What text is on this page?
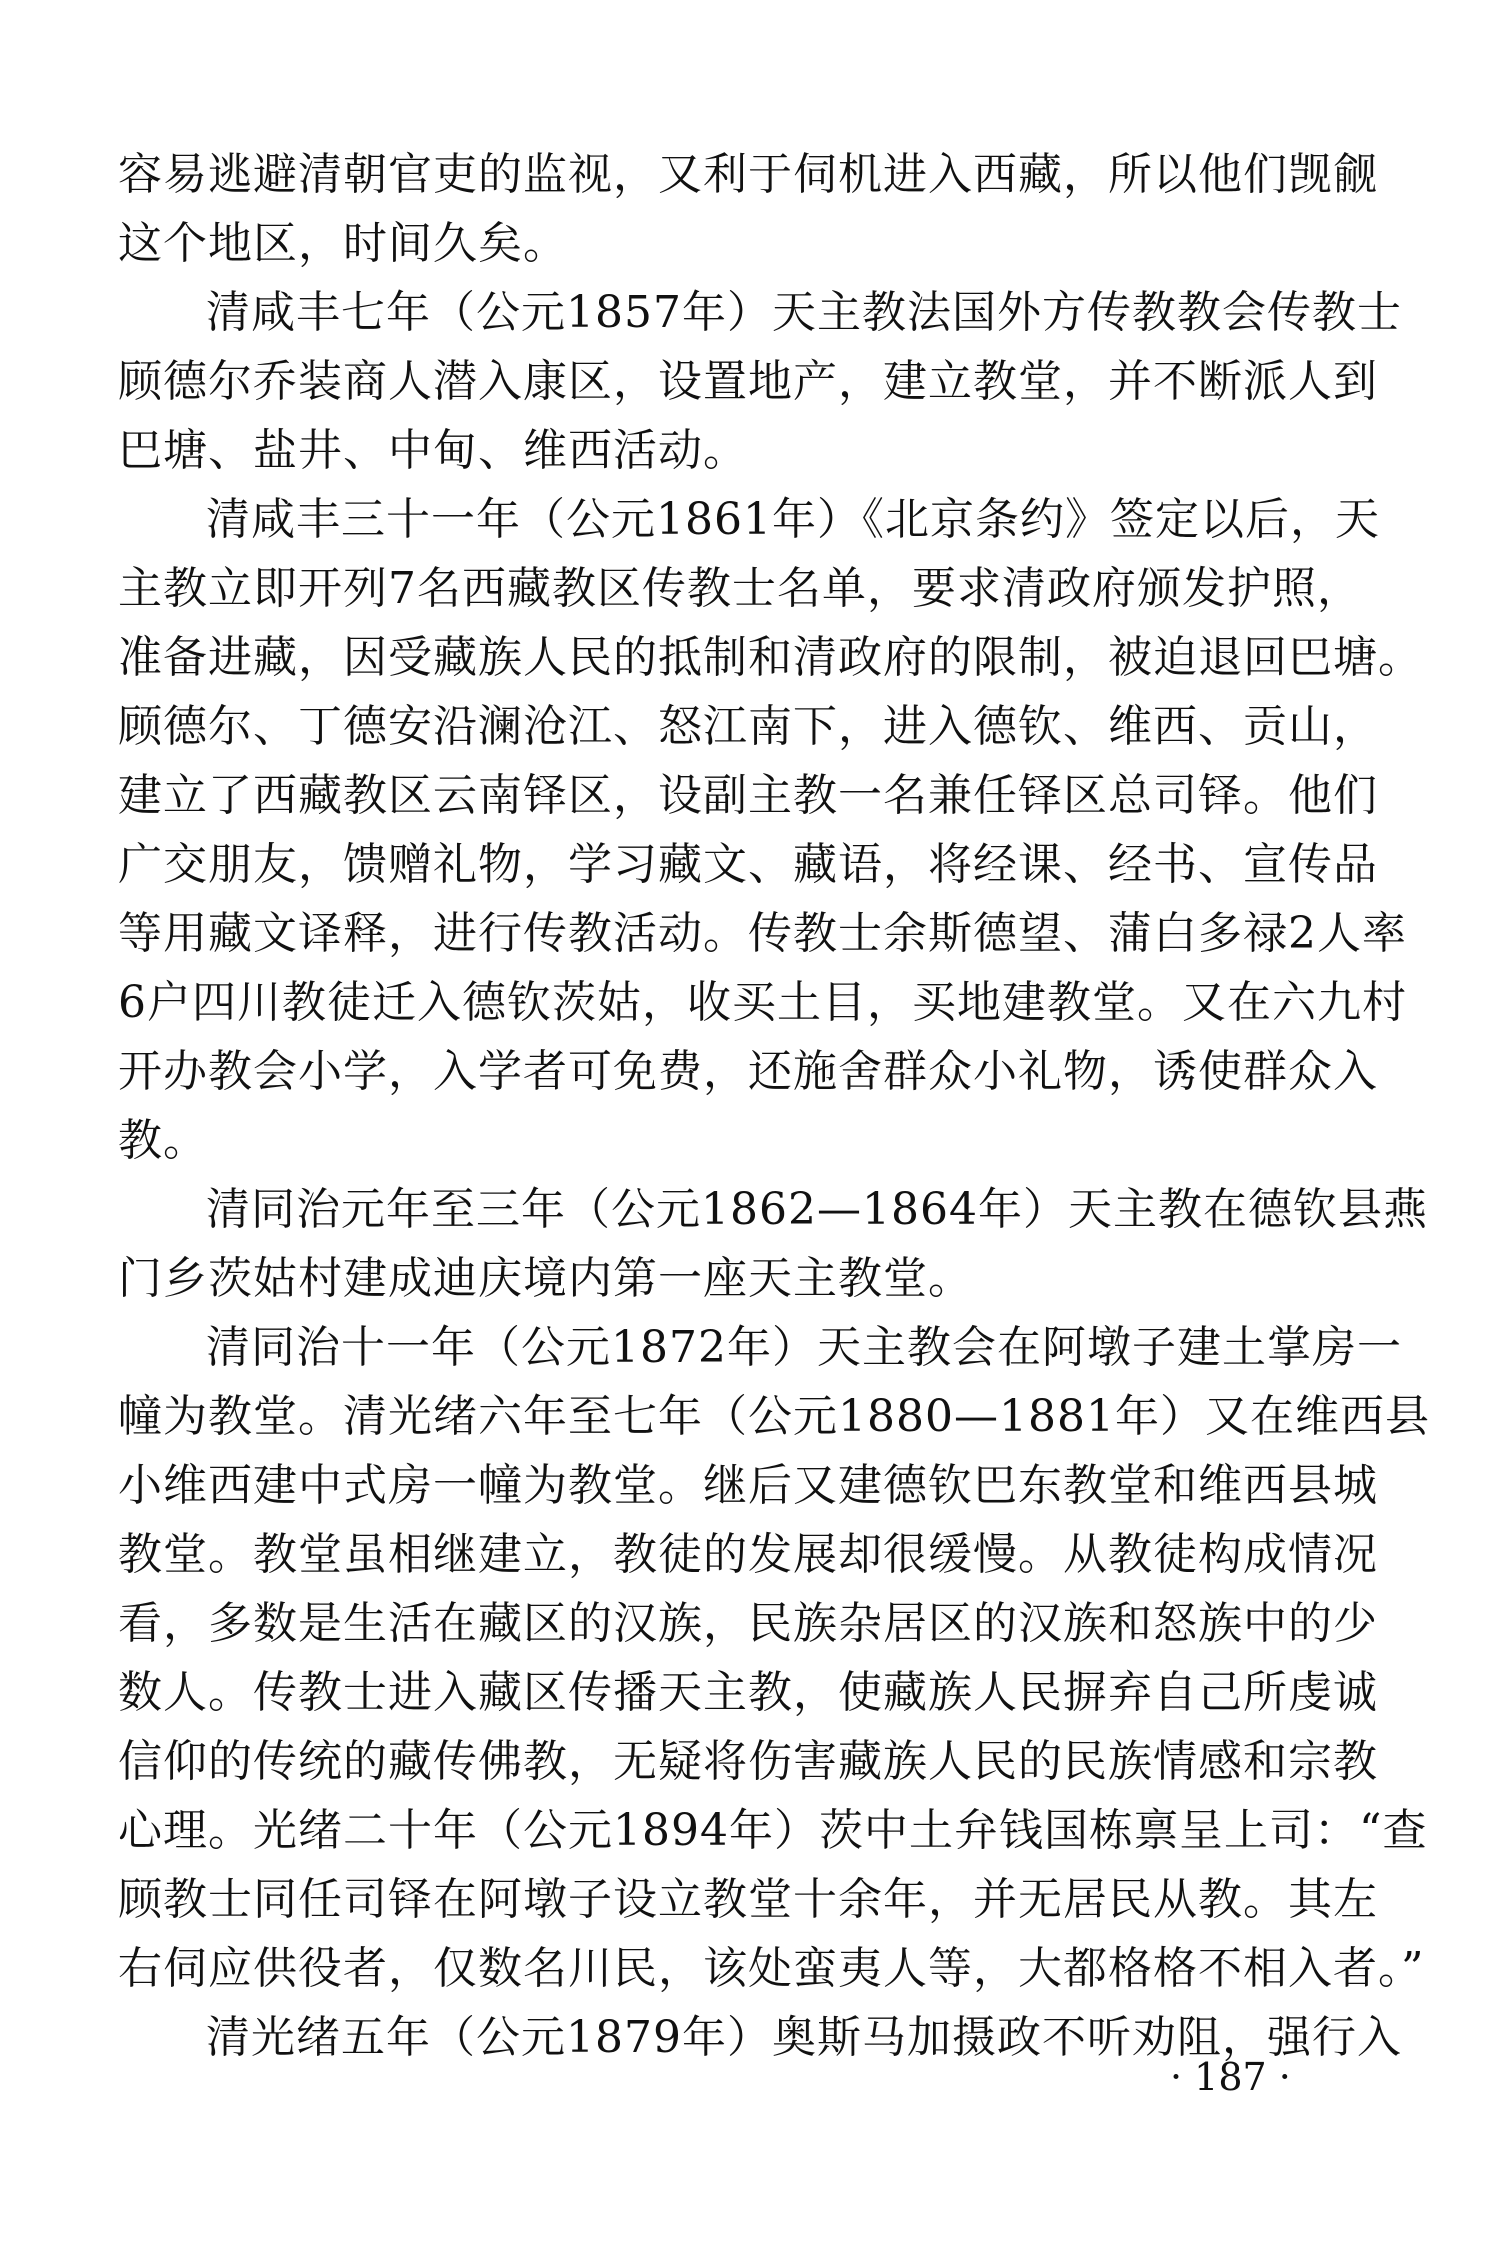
容易逃避清朝官吏的监视，又利于伺机进入西藏，所以他们觊觎
这个地区，时间久矣。
清咸丰七年（公元1857年）天主教法国外方传教教会传教士
顾德尔乔装商人潜入康区，设置地产，建立教堂，并不断派人到
巴塘、盐井、中甸、维西活动。
清咸丰三十一年（公元1861年）《北京条约》签定以后，天
主教立即开列7名西藏教区传教士名单，要求清政府颁发护照，
准备进藏，因受藏族人民的抵制和清政府的限制，被迫退回巴塘。
顾德尔、丁德安沿澜沧江、怒江南下，进入德钦、维西、贡山，
建立了西藏教区云南铎区，设副主教一名兼任铎区总司铎。他们
广交朋友，馈赠礼物，学习藏文、藏语，将经课、经书、宣传品
等用藏文译释，进行传教活动。传教士余斯德望、蒲白多禄2人率
6户四川教徒迁入德钦茨姑，收买土目，买地建教堂。又在六九村
开办教会小学，入学者可免费，还施舍群众小礼物，诱使群众入
教。
清同治元年至三年（公元1862—1864年）天主教在德钦县燕
门乡茨姑村建成迪庆境内第一座天主教堂。
清同治十一年（公元1872年）天主教会在阿墩子建土掌房一
幢为教堂。清光绪六年至七年（公元1880—1881年）又在维西县
小维西建中式房一幢为教堂。继后又建德钦巴东教堂和维西县城
教堂。教堂虽相继建立，教徒的发展却很缓慢。从教徒构成情况
看，多数是生活在藏区的汉族，民族杂居区的汉族和怒族中的少
数人。传教士进入藏区传播天主教，使藏族人民摒弃自己所虔诚
信仰的传统的藏传佛教，无疑将伤害藏族人民的民族情感和宗教
心理。光绪二十年（公元1894年）茨中土弁钱国栋禀呈上司：“查
顾教士同任司铎在阿墩子设立教堂十余年，并无居民从教。其左
右伺应供役者，仅数名川民，该处蛮夷人等，大都格格不相入者。”
清光绪五年（公元1879年）奥斯马加摄政不听劝阻，强行入
· 187 ·
